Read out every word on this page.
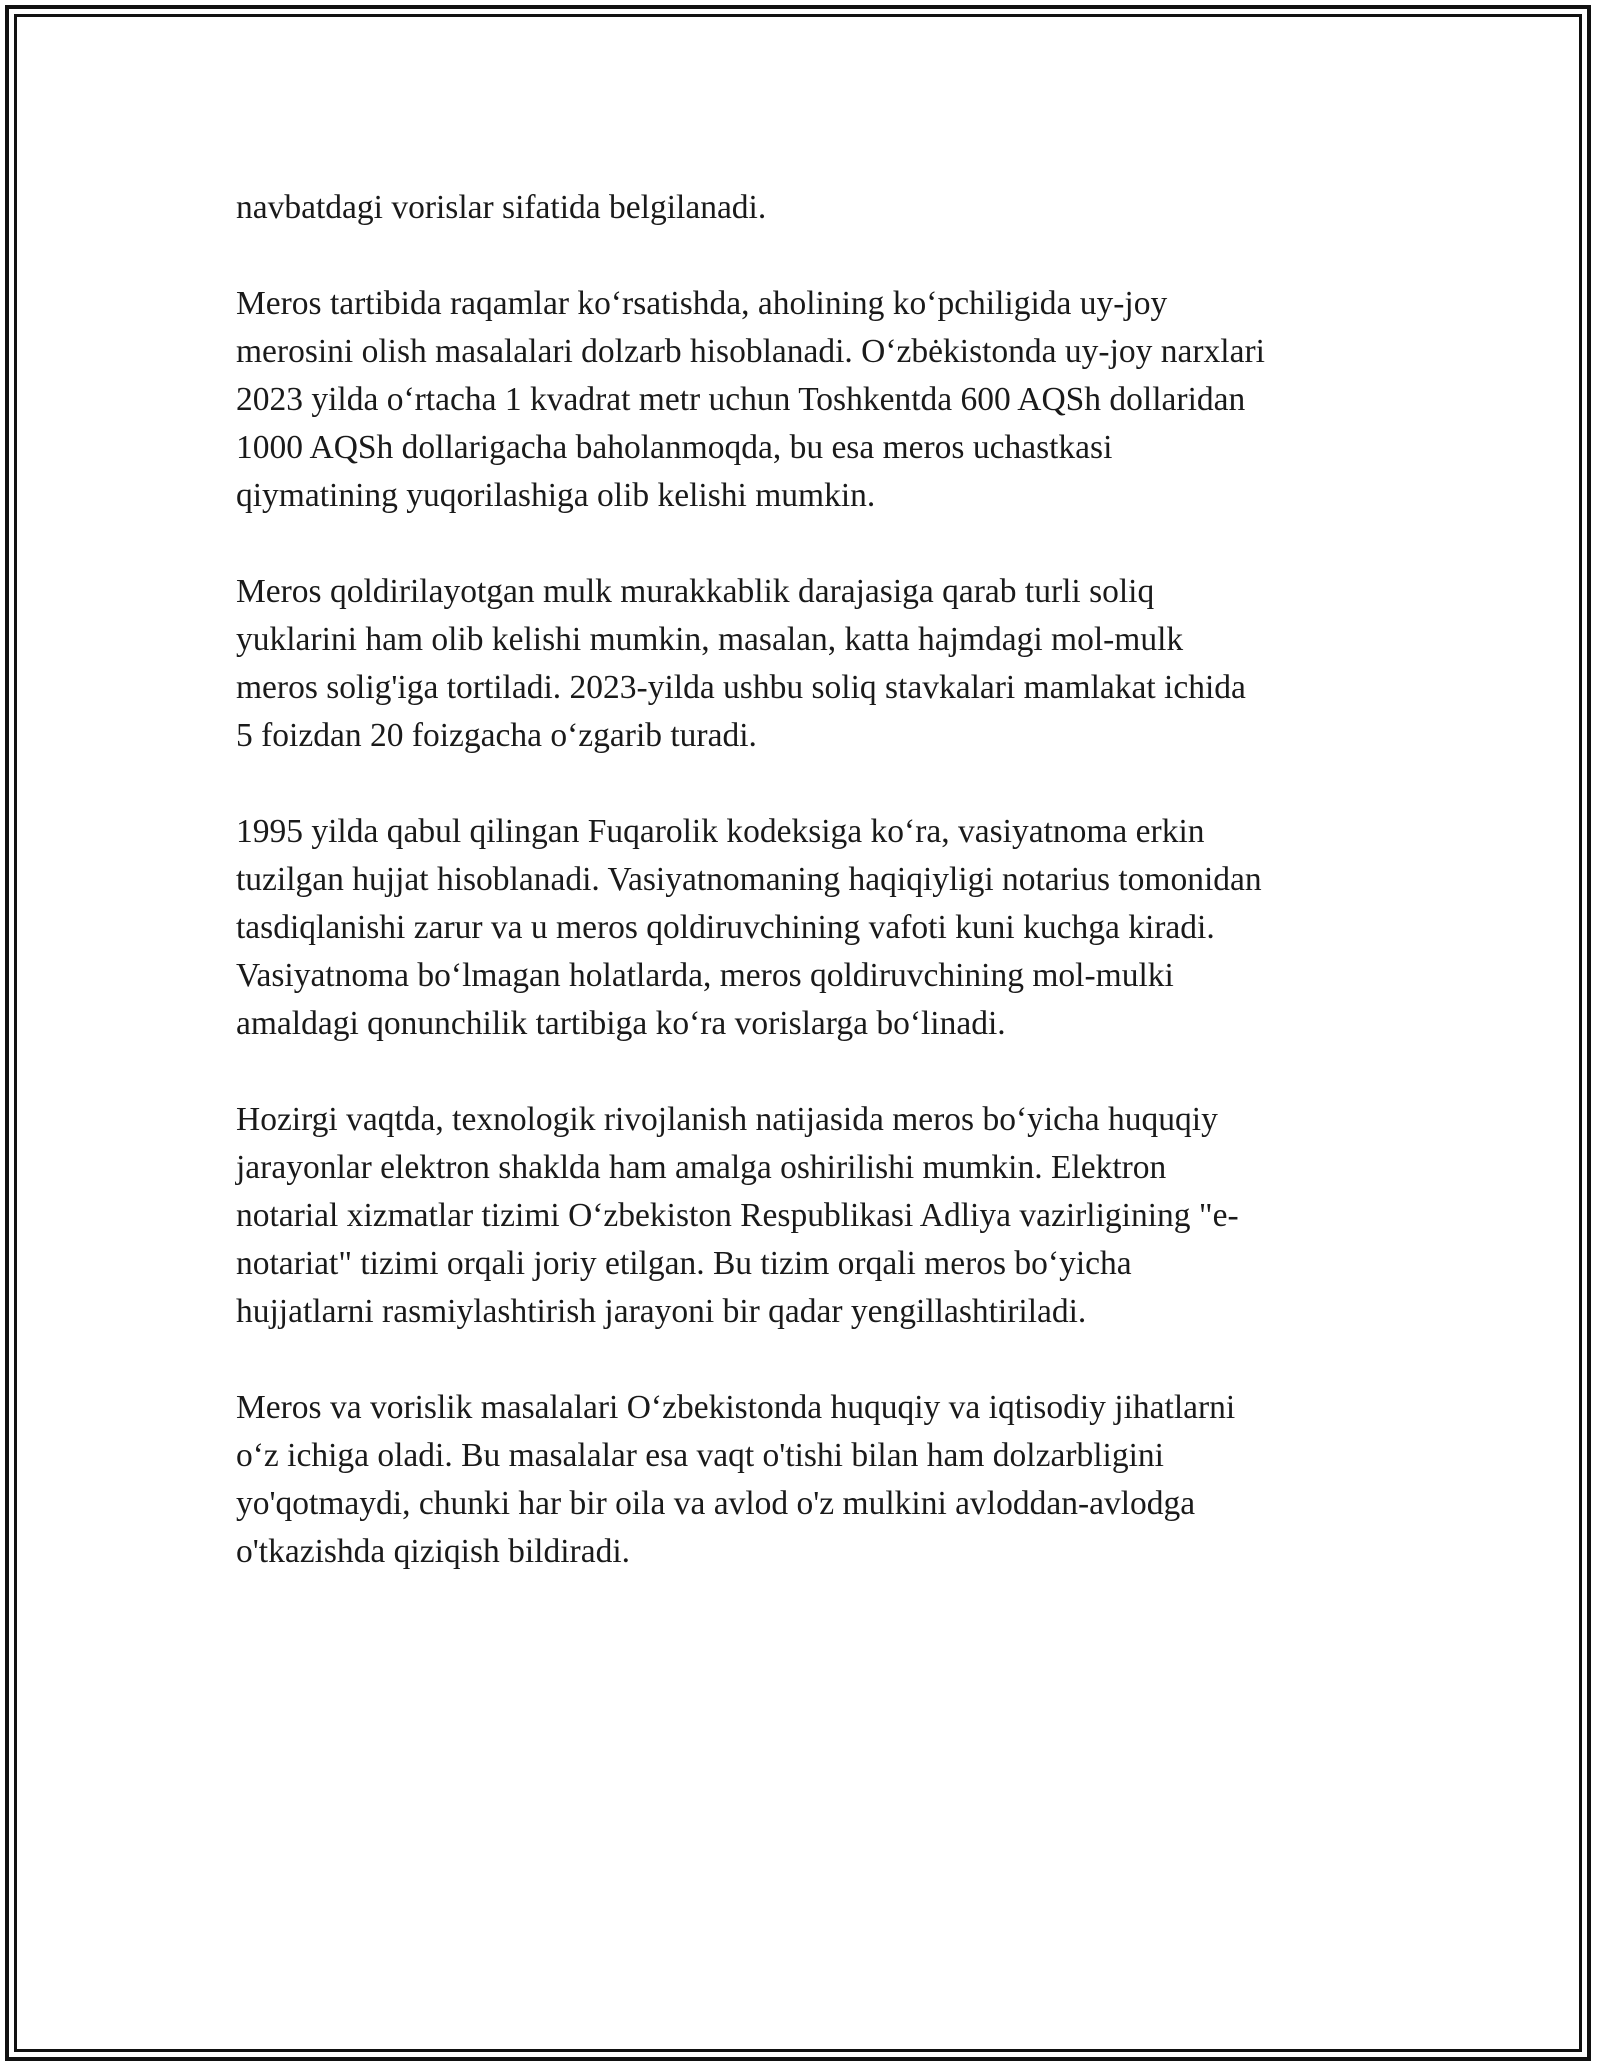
navbatdagi vorislar sifatida belgilanadi.

Meros tartibida raqamlar ko‘rsatishda, aholining ko‘pchiligida uy-joy
merosini olish masalalari dolzarb hisoblanadi. O‘zbėkistonda uy-joy narxlari
2023 yilda o‘rtacha 1 kvadrat metr uchun Toshkentda 600 AQSh dollaridan
1000 AQSh dollarigacha baholanmoqda, bu esa meros uchastkasi
qiymatining yuqorilashiga olib kelishi mumkin.

Meros qoldirilayotgan mulk murakkablik darajasiga qarab turli soliq
yuklarini ham olib kelishi mumkin, masalan, katta hajmdagi mol-mulk
meros solig'iga tortiladi. 2023-yilda ushbu soliq stavkalari mamlakat ichida
5 foizdan 20 foizgacha o‘zgarib turadi.

1995 yilda qabul qilingan Fuqarolik kodeksiga ko‘ra, vasiyatnoma erkin
tuzilgan hujjat hisoblanadi. Vasiyatnomaning haqiqiyligi notarius tomonidan
tasdiqlanishi zarur va u meros qoldiruvchining vafoti kuni kuchga kiradi.
Vasiyatnoma bo‘lmagan holatlarda, meros qoldiruvchining mol-mulki
amaldagi qonunchilik tartibiga ko‘ra vorislarga bo‘linadi.

Hozirgi vaqtda, texnologik rivojlanish natijasida meros bo‘yicha huquqiy
jarayonlar elektron shaklda ham amalga oshirilishi mumkin. Elektron
notarial xizmatlar tizimi O‘zbekiston Respublikasi Adliya vazirligining "e-
notariat" tizimi orqali joriy etilgan. Bu tizim orqali meros bo‘yicha
hujjatlarni rasmiylashtirish jarayoni bir qadar yengillashtiriladi.

Meros va vorislik masalalari O‘zbekistonda huquqiy va iqtisodiy jihatlarni
o‘z ichiga oladi. Bu masalalar esa vaqt o'tishi bilan ham dolzarbligini
yo'qotmaydi, chunki har bir oila va avlod o'z mulkini avloddan-avlodga
o'tkazishda qiziqish bildiradi.
